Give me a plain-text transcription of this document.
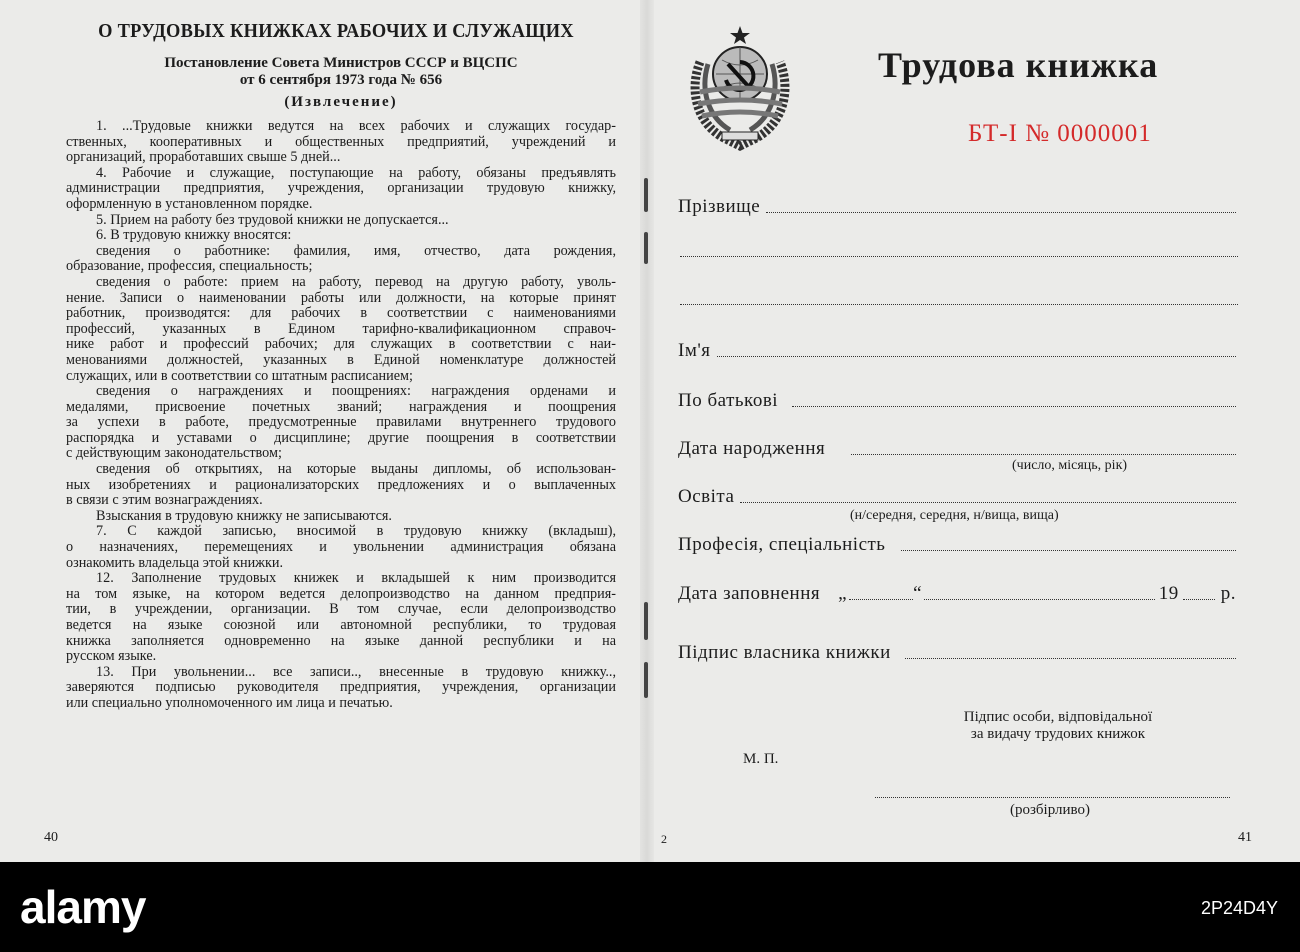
О ТРУДОВЫХ КНИЖКАХ РАБОЧИХ И СЛУЖАЩИХ
Постановление Совета Министров СССР и ВЦСПС
от 6 сентября 1973 года № 656
(Извлечение)
1. ...Трудовые книжки ведутся на всех рабочих и служащих государ-
ственных, кооперативных и общественных предприятий, учреждений и
организаций, проработавших свыше 5 дней...
4. Рабочие и служащие, поступающие на работу, обязаны предъявлять
администрации предприятия, учреждения, организации трудовую книжку,
оформленную в установленном порядке.
5. Прием на работу без трудовой книжки не допускается...
6. В трудовую книжку вносятся:
сведения о работнике: фамилия, имя, отчество, дата рождения,
образование, профессия, специальность;
сведения о работе: прием на работу, перевод на другую работу, уволь-
нение. Записи о наименовании работы или должности, на которые принят
работник, производятся: для рабочих в соответствии с наименованиями
профессий, указанных в Едином тарифно-квалификационном справоч-
нике работ и профессий рабочих; для служащих в соответствии с наи-
менованиями должностей, указанных в Единой номенклатуре должностей
служащих, или в соответствии со штатным расписанием;
сведения о награждениях и поощрениях: награждения орденами и
медалями, присвоение почетных званий; награждения и поощрения
за успехи в работе, предусмотренные правилами внутреннего трудового
распорядка и уставами о дисциплине; другие поощрения в соответствии
с действующим законодательством;
сведения об открытиях, на которые выданы дипломы, об использован-
ных изобретениях и рационализаторских предложениях и о выплаченных
в связи с этим вознаграждениях.
Взыскания в трудовую книжку не записываются.
7. С каждой записью, вносимой в трудовую книжку (вкладыш),
о назначениях, перемещениях и увольнении администрация обязана
ознакомить владельца этой книжки.
12. Заполнение трудовых книжек и вкладышей к ним производится
на том языке, на котором ведется делопроизводство на данном предприя-
тии, в учреждении, организации. В том случае, если делопроизводство
ведется на языке союзной или автономной республики, то трудовая
книжка заполняется одновременно на языке данной республики и на
русском языке.
13. При увольнении... все записи.., внесенные в трудовую книжку..,
заверяются подписью руководителя предприятия, учреждения, организации
или специально уполномоченного им лица и печатью.
40	2
Трудова книжка
БТ-І № 0000001
Прізвище
Ім'я
По батькові
Дата народження
(число, місяць, рік)
Освіта
(н/середня, середня, н/вища, вища)
Професія, спеціальність
Дата заповнення „	“	19 р.
Підпис власника книжки
Підпис особи, відповідальної
за видачу трудових книжок
М. П.
(розбірливо)
41
alamy	2P24D4Y
